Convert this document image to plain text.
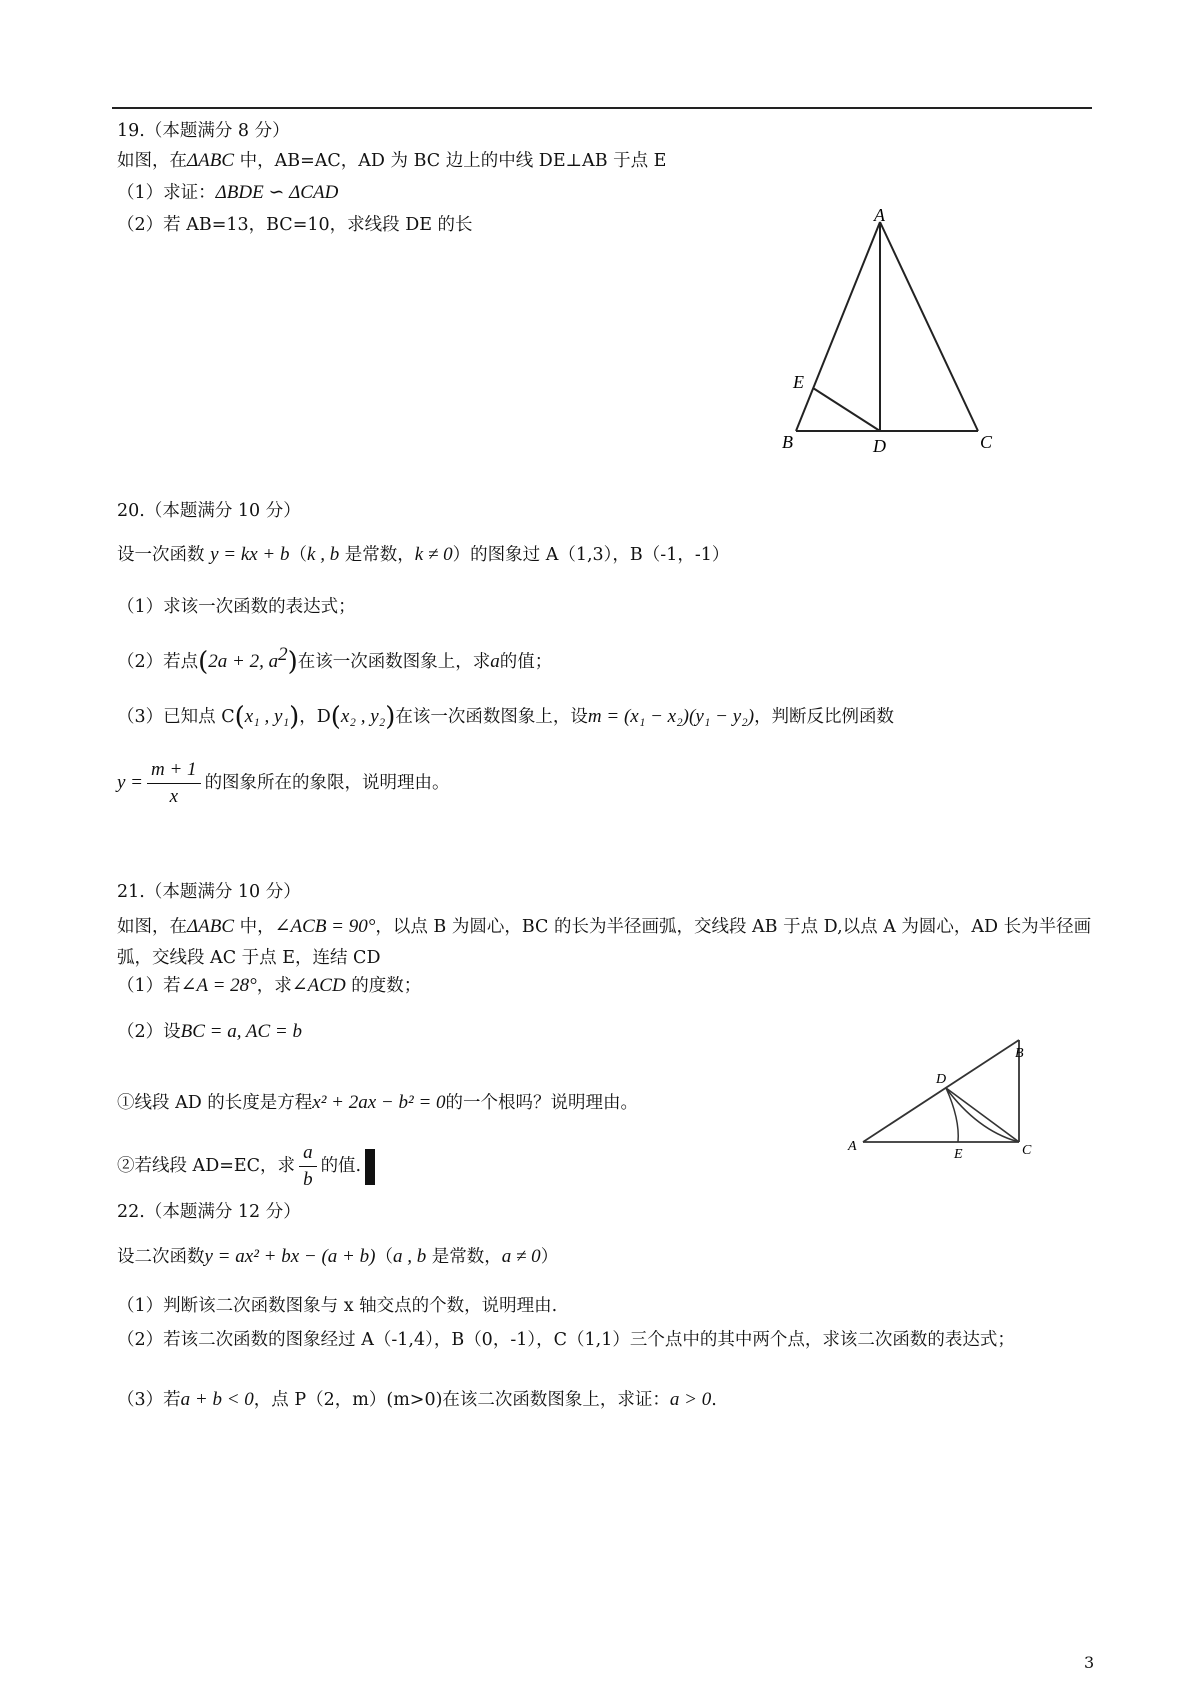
19.（本题满分 8 分）
如图，在ΔABC 中，AB=AC，AD 为 BC 边上的中线 DE⊥AB 于点 E
（1）求证：ΔBDE ∽ ΔCAD
（2）若 AB=13，BC=10，求线段 DE 的长	A
B	C
D
E
20.（本题满分 10 分）
设一次函数 y = kx + b（k , b 是常数，k ≠ 0）的图象过 A（1,3），B（-1，-1）
（1）求该一次函数的表达式；
（2）若点(2a + 2, $a^2$)在该一次函数图象上，求a的值；
（3）已知点 C(x₁ , y₁)，D(x₂ , y₂)在该一次函数图象上，设m = (x₁ − x₂)(y₁ − y₂)，判断反比例函数
$y = \frac{m + 1}{x}$ 的图象所在的象限，说明理由。
21.（本题满分 10 分）
如图，在ΔABC 中，∠ACB = 90°，以点 B 为圆心，BC 的长为半径画弧，交线段 AB 于点 D,以点 A 为圆心，AD 长为半径画弧，交线段 AC 于点 E，连结 CD
（1）若∠A = 28°，求∠ACD 的度数；
（2）设BC = a, AC = b
①线段 AD 的长度是方程x² + 2ax − b² = 0的一个根吗？说明理由。
②若线段 AD=EC，求 $\frac{a}{b}$ 的值.
B
A	C
D
E
22.（本题满分 12 分）
设二次函数y = ax² + bx − (a + b)（a , b 是常数，a ≠ 0）
（1）判断该二次函数图象与 x 轴交点的个数，说明理由.
（2）若该二次函数的图象经过 A（-1,4），B（0，-1），C（1,1）三个点中的其中两个点，求该二次函数的表达式；
（3）若a + b < 0，点 P（2，m）(m>0)在该二次函数图象上，求证：a > 0.
3
